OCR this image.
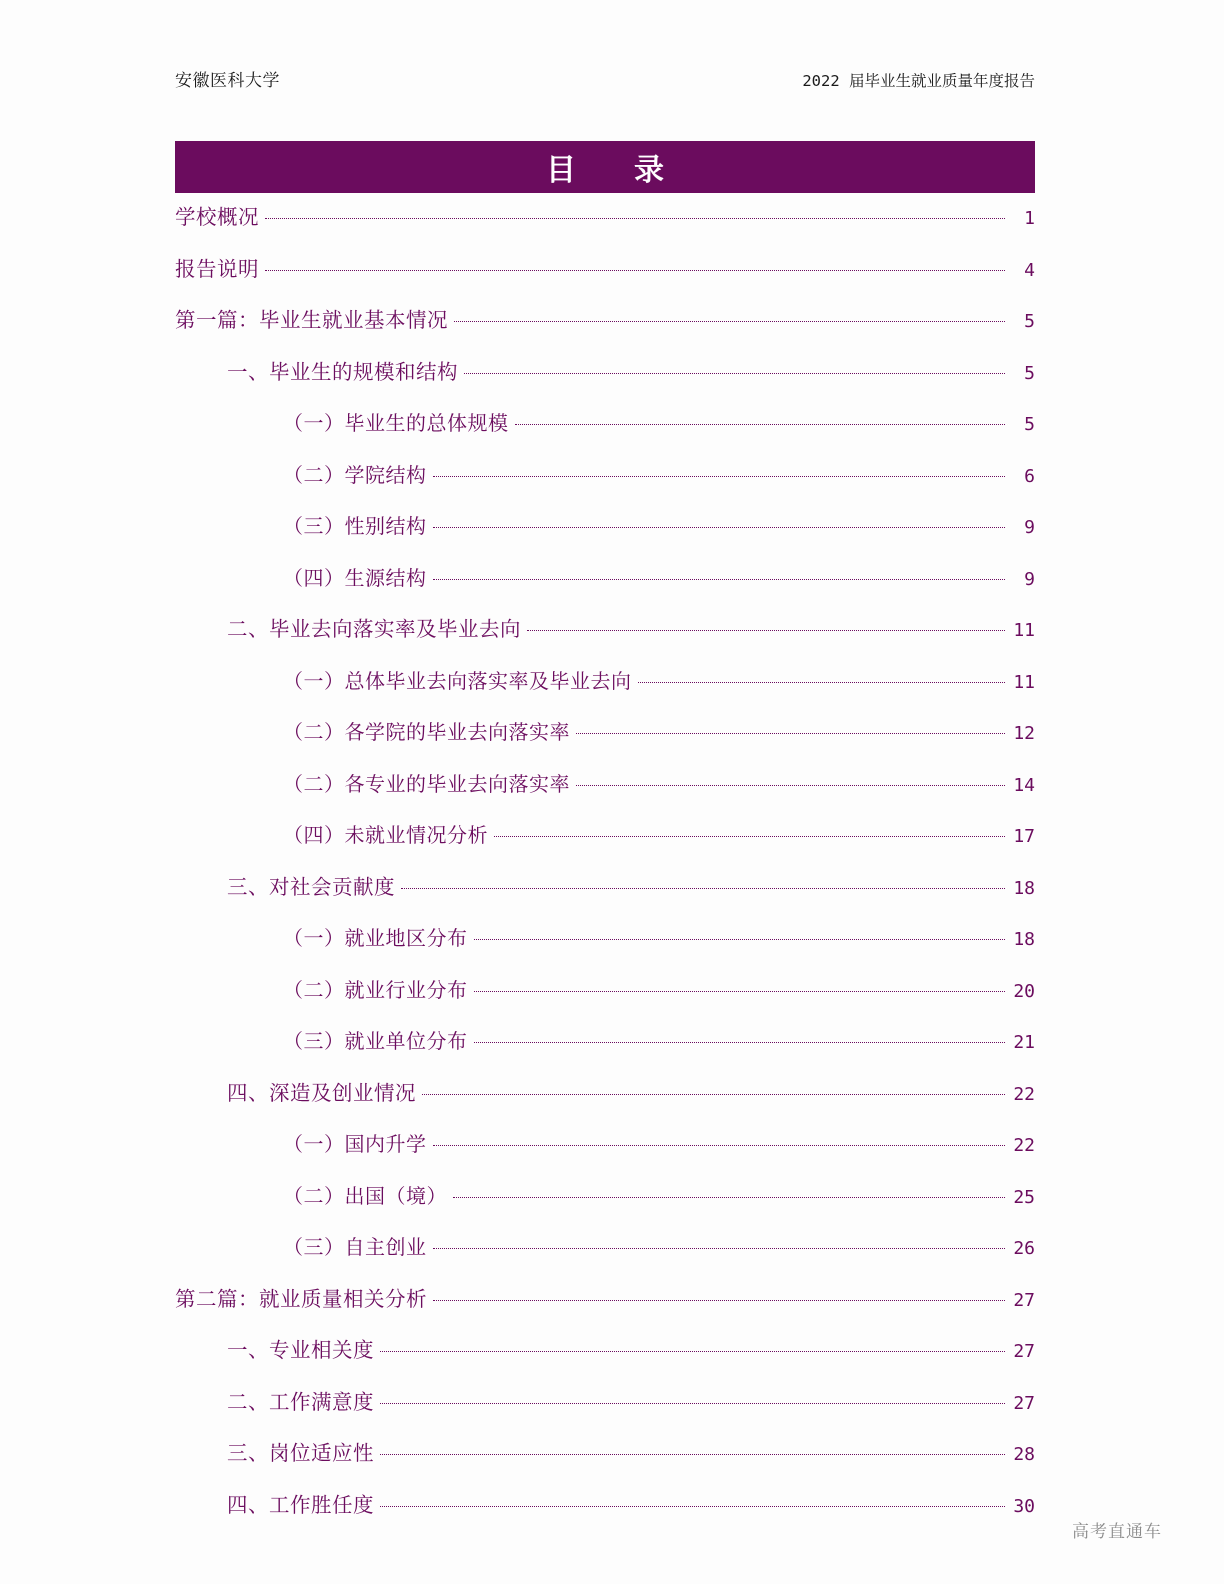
安徽医科大学	2022 届毕业生就业质量年度报告
目　录
学校概况	1
报告说明	4
第一篇：毕业生就业基本情况	5
一、毕业生的规模和结构	5
（一）毕业生的总体规模	5
（二）学院结构	6
（三）性别结构	9
（四）生源结构	9
二、毕业去向落实率及毕业去向	11
（一）总体毕业去向落实率及毕业去向	11
（二）各学院的毕业去向落实率	12
（二）各专业的毕业去向落实率	14
（四）未就业情况分析	17
三、对社会贡献度	18
（一）就业地区分布	18
（二）就业行业分布	20
（三）就业单位分布	21
四、深造及创业情况	22
（一）国内升学	22
（二）出国（境）	25
（三）自主创业	26
第二篇：就业质量相关分析	27
一、专业相关度	27
二、工作满意度	27
三、岗位适应性	28
四、工作胜任度	30
高考直通车
